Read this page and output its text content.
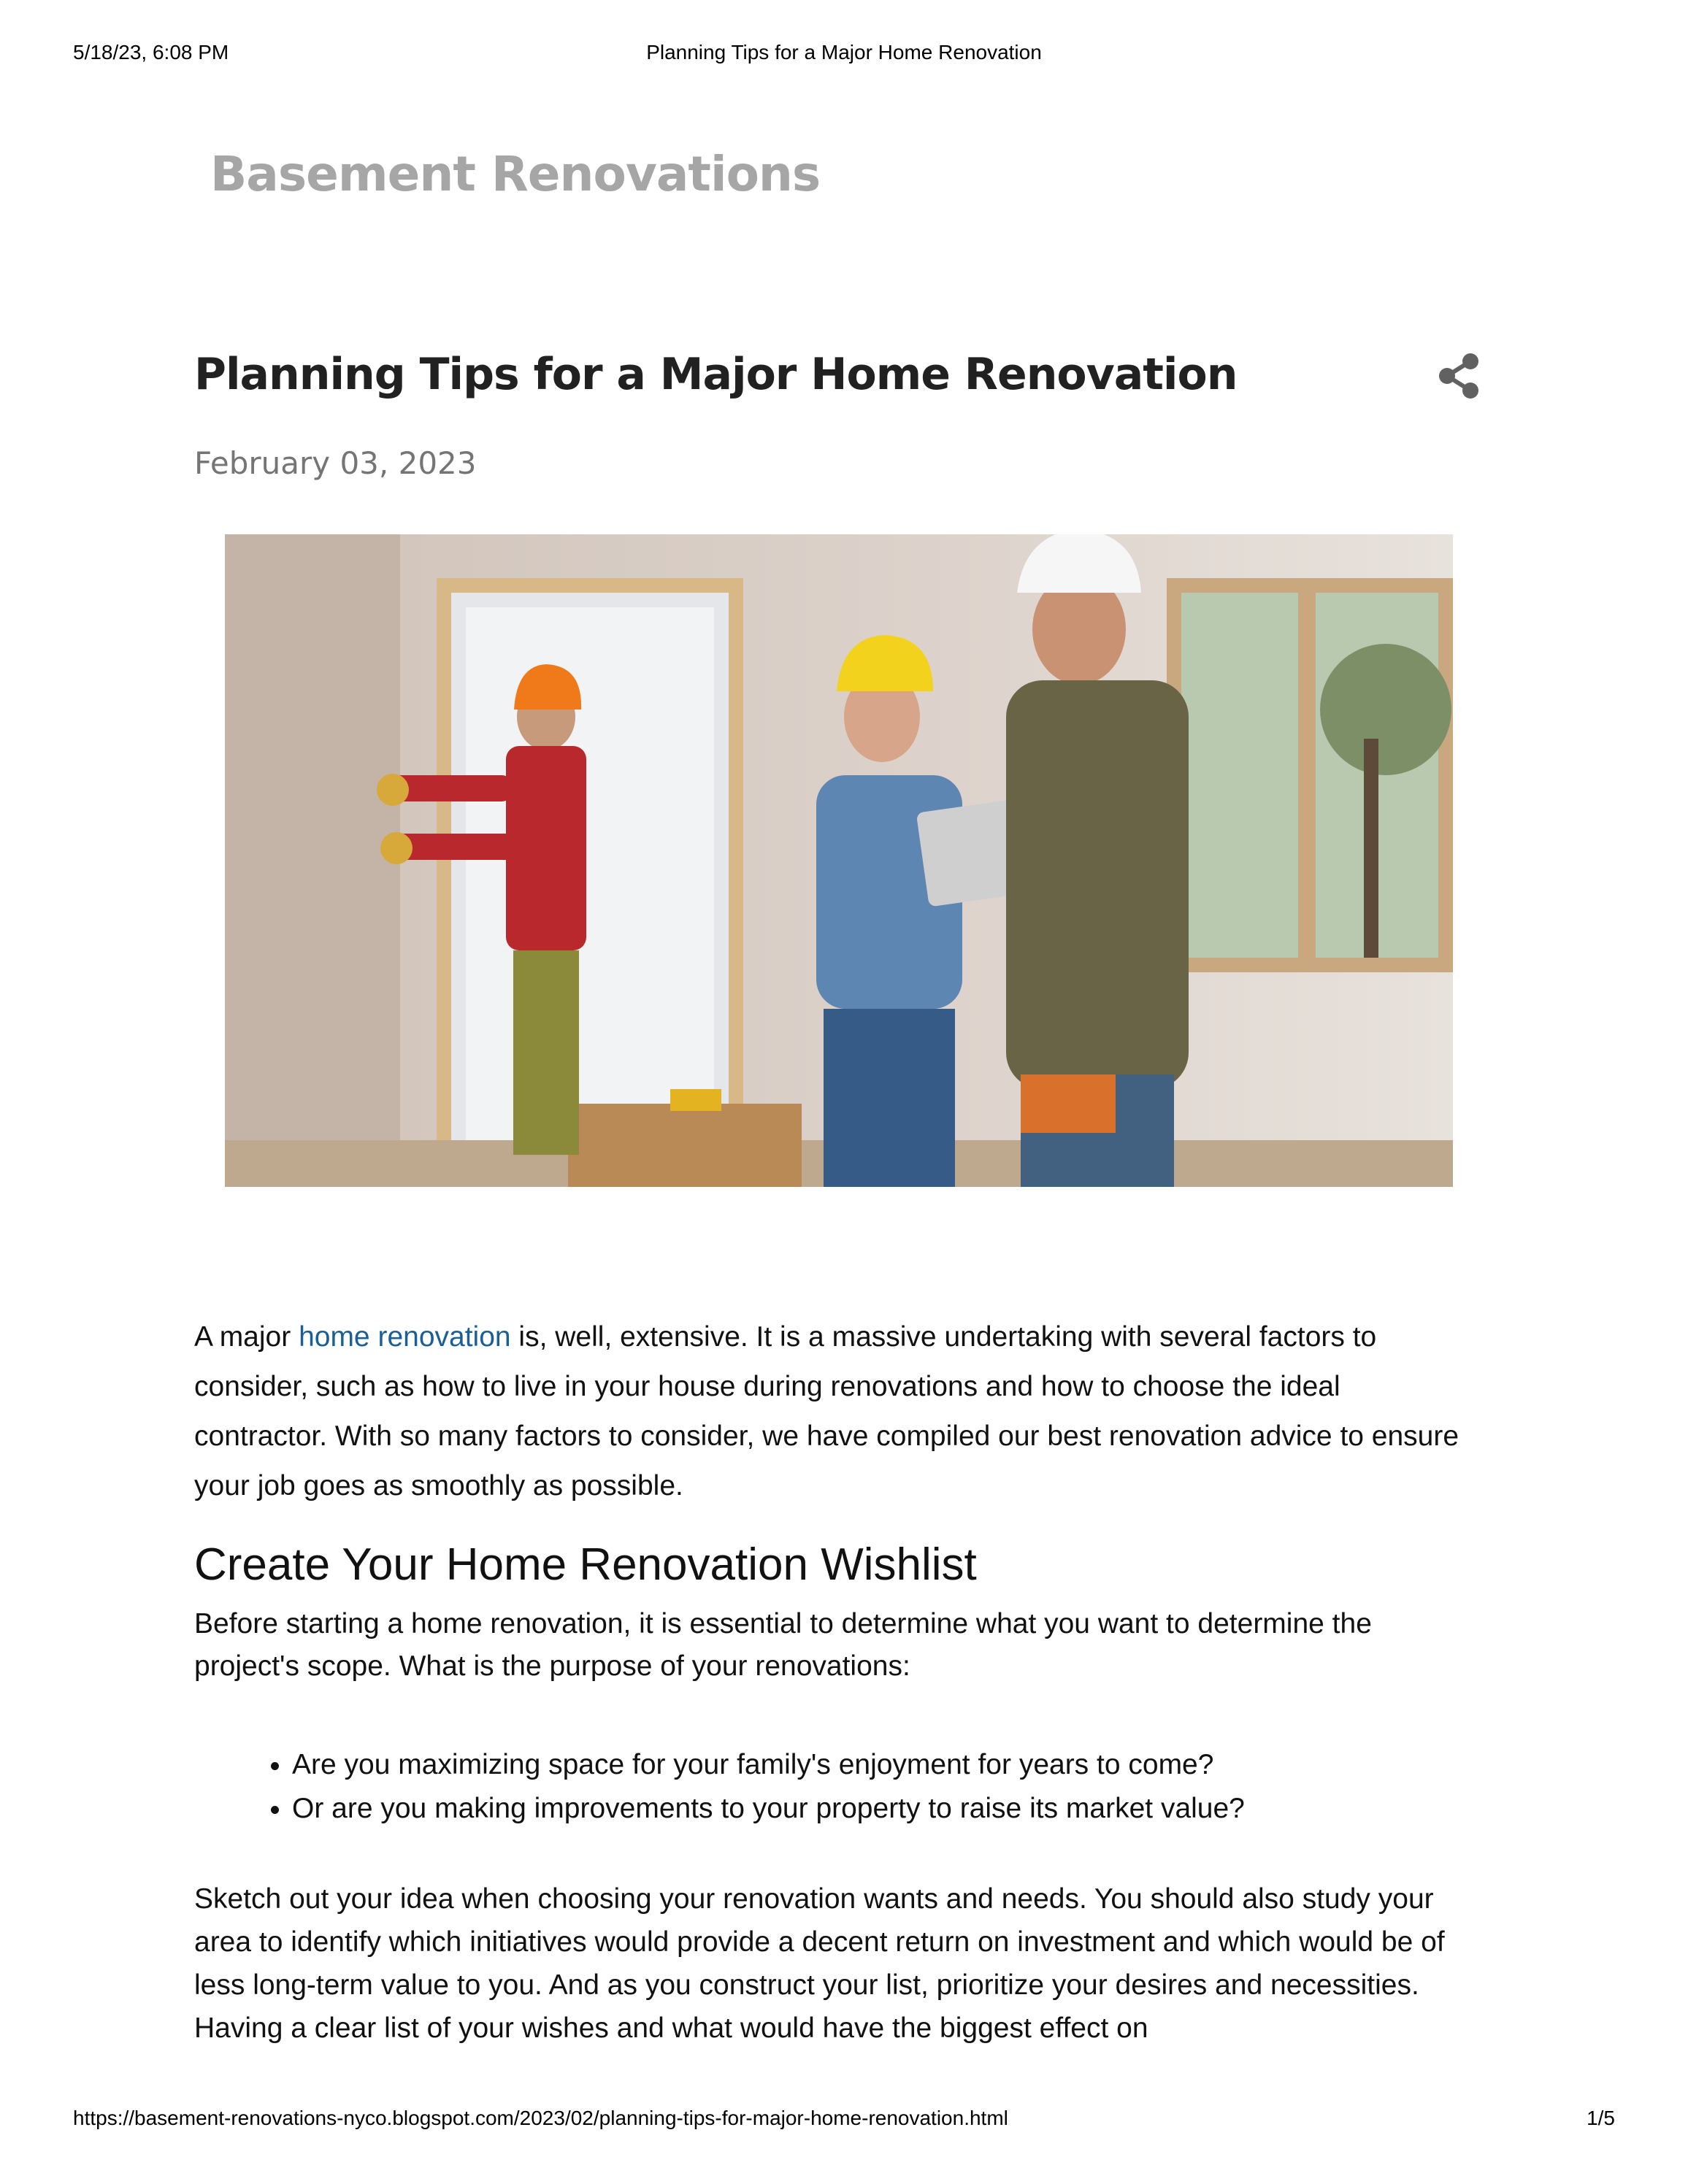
5/18/23, 6:08 PM	Planning Tips for a Major Home Renovation
Basement Renovations
Planning Tips for a Major Home Renovation
February 03, 2023
A major home renovation is, well, extensive. It is a massive undertaking with several factors to consider, such as how to live in your house during renovations and how to choose the ideal contractor. With so many factors to consider, we have compiled our best renovation advice to ensure your job goes as smoothly as possible.
Create Your Home Renovation Wishlist
Before starting a home renovation, it is essential to determine what you want to determine the project's scope. What is the purpose of your renovations:
• Are you maximizing space for your family's enjoyment for years to come?
• Or are you making improvements to your property to raise its market value?
Sketch out your idea when choosing your renovation wants and needs. You should also study your area to identify which initiatives would provide a decent return on investment and which would be of less long-term value to you. And as you construct your list, prioritize your desires and necessities. Having a clear list of your wishes and what would have the biggest effect on
https://basement-renovations-nyco.blogspot.com/2023/02/planning-tips-for-major-home-renovation.html	1/5
